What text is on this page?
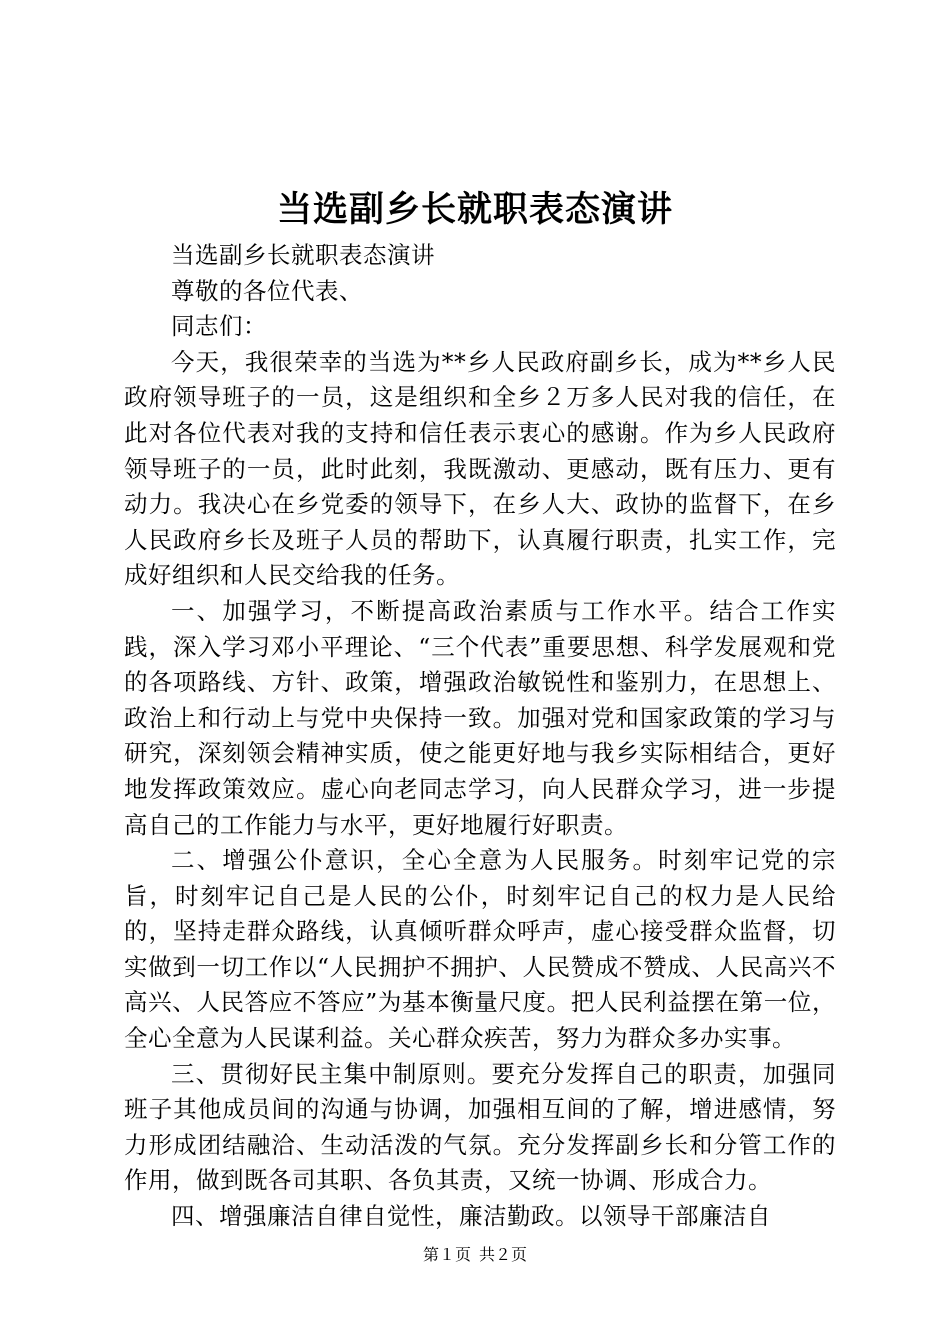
当选副乡长就职表态演讲

当选副乡长就职表态演讲

尊敬的各位代表、

同志们：

今天，我很荣幸的当选为**乡人民政府副乡长，成为**乡人民政府领导班子的一员，这是组织和全乡２万多人民对我的信任，在此对各位代表对我的支持和信任表示衷心的感谢。作为乡人民政府领导班子的一员，此时此刻，我既激动、更感动，既有压力、更有动力。我决心在乡党委的领导下，在乡人大、政协的监督下，在乡人民政府乡长及班子人员的帮助下，认真履行职责，扎实工作，完成好组织和人民交给我的任务。

一、加强学习，不断提高政治素质与工作水平。结合工作实践，深入学习邓小平理论、“三个代表”重要思想、科学发展观和党的各项路线、方针、政策，增强政治敏锐性和鉴别力，在思想上、政治上和行动上与党中央保持一致。加强对党和国家政策的学习与研究，深刻领会精神实质，使之能更好地与我乡实际相结合，更好地发挥政策效应。虚心向老同志学习，向人民群众学习，进一步提高自己的工作能力与水平，更好地履行好职责。

二、增强公仆意识，全心全意为人民服务。时刻牢记党的宗旨，时刻牢记自己是人民的公仆，时刻牢记自己的权力是人民给的，坚持走群众路线，认真倾听群众呼声，虚心接受群众监督，切实做到一切工作以“人民拥护不拥护、人民赞成不赞成、人民高兴不高兴、人民答应不答应”为基本衡量尺度。把人民利益摆在第一位，全心全意为人民谋利益。关心群众疾苦，努力为群众多办实事。

三、贯彻好民主集中制原则。要充分发挥自己的职责，加强同班子其他成员间的沟通与协调，加强相互间的了解，增进感情，努力形成团结融洽、生动活泼的气氛。充分发挥副乡长和分管工作的作用，做到既各司其职、各负其责，又统一协调、形成合力。

四、增强廉洁自律自觉性，廉洁勤政。以领导干部廉洁自

第１页 共２页
